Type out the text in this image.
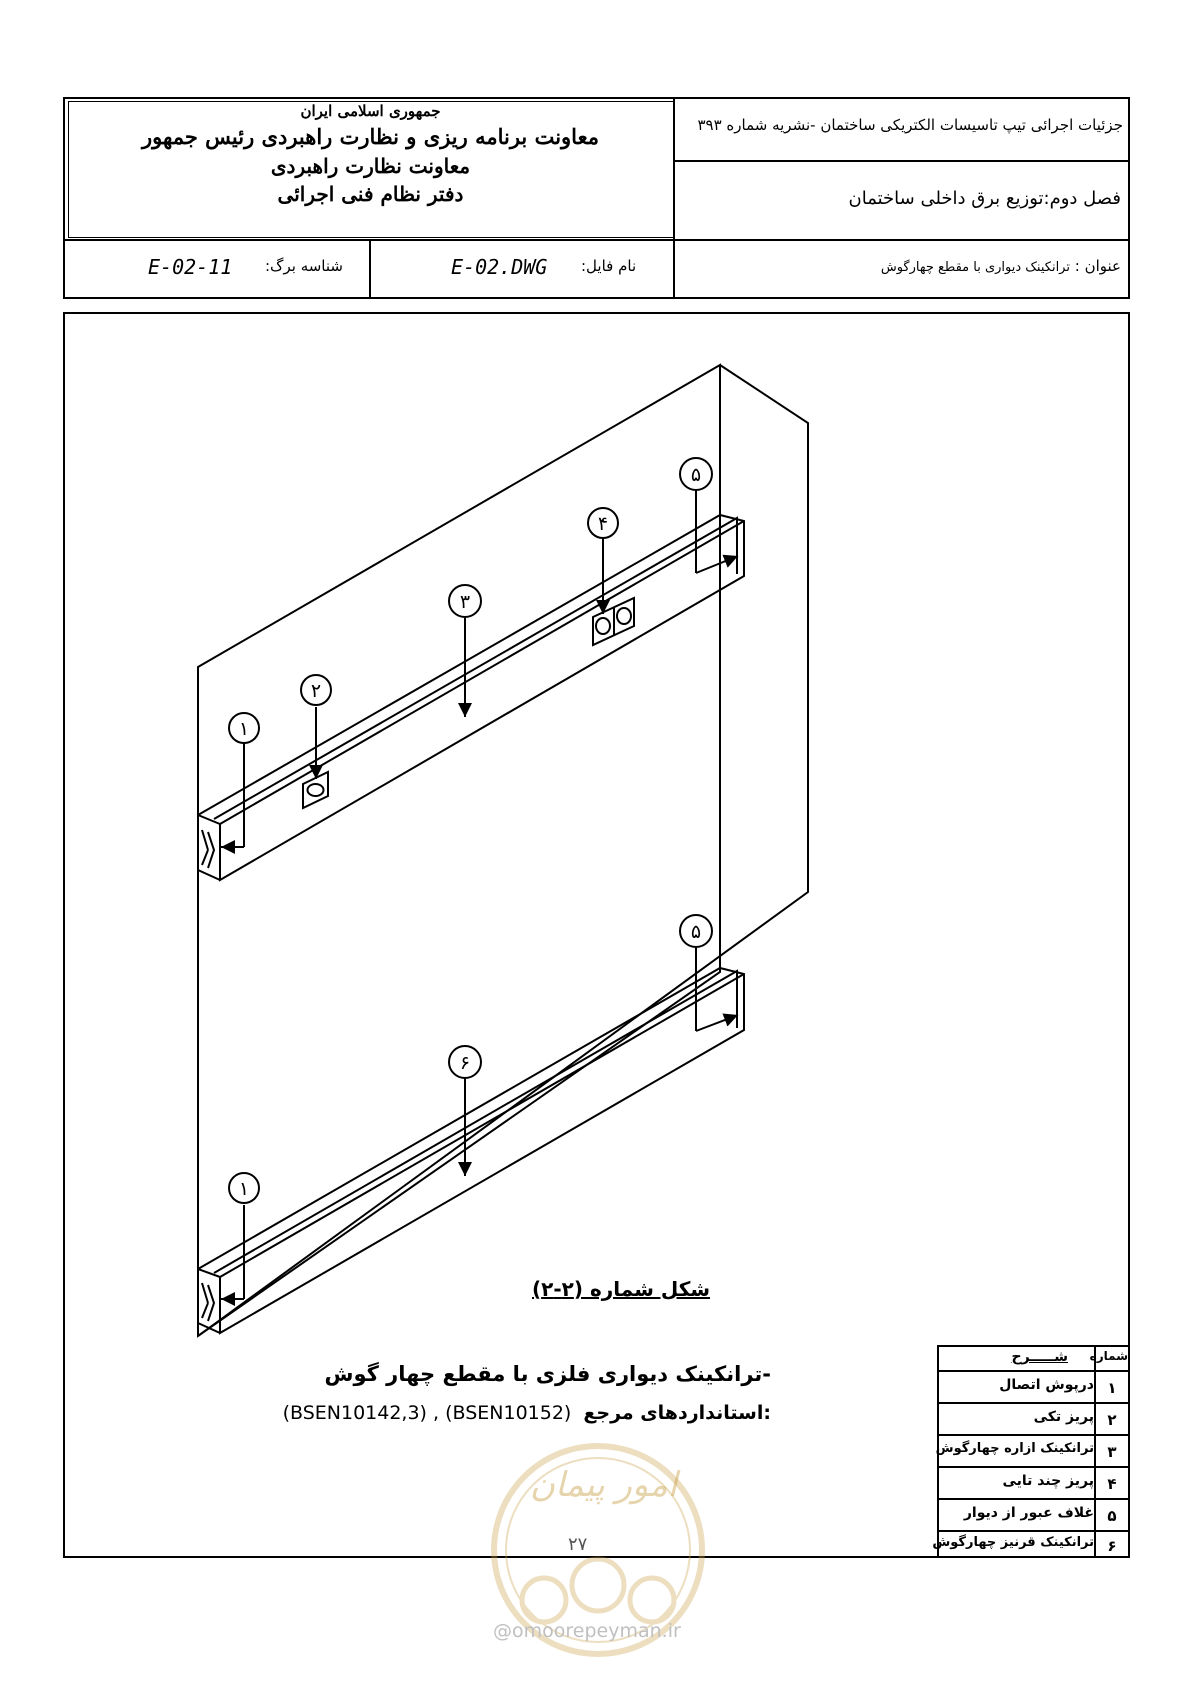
جمهوری اسلامی ایران
معاونت برنامه ریزی و نظارت راهبردی رئیس جمهور
معاونت نظارت راهبردی
دفتر نظام فنی اجرائی
جزئیات اجرائی تیپ تاسیسات الکتریکی ساختمان -نشریه شماره ۳۹۳
فصل دوم:توزیع برق داخلی ساختمان
عنوان : ترانکینک دیواری با مقطع چهارگوش
نام فایل:
E-02.DWG
شناسه برگ:
E-02-11
١
٢
٣
۴
۵
١
۶
۵
شکل شماره (۲-۲)
-ترانکینک دیواری فلزی با مقطع چهار گوش
(BSEN10142,3) , (BSEN10152) استانداردهای مرجع:
امور پیمان
٢٧
@omoorepeyman.ir
شماره
شـــــرح
١
درپوش اتصال
٢
پریز تکی
٣
ترانکینک ازاره چهارگوش
۴
پریز چند تایی
۵
غلاف عبور از دیوار
۶
ترانکینک قرنیز چهارگوش
